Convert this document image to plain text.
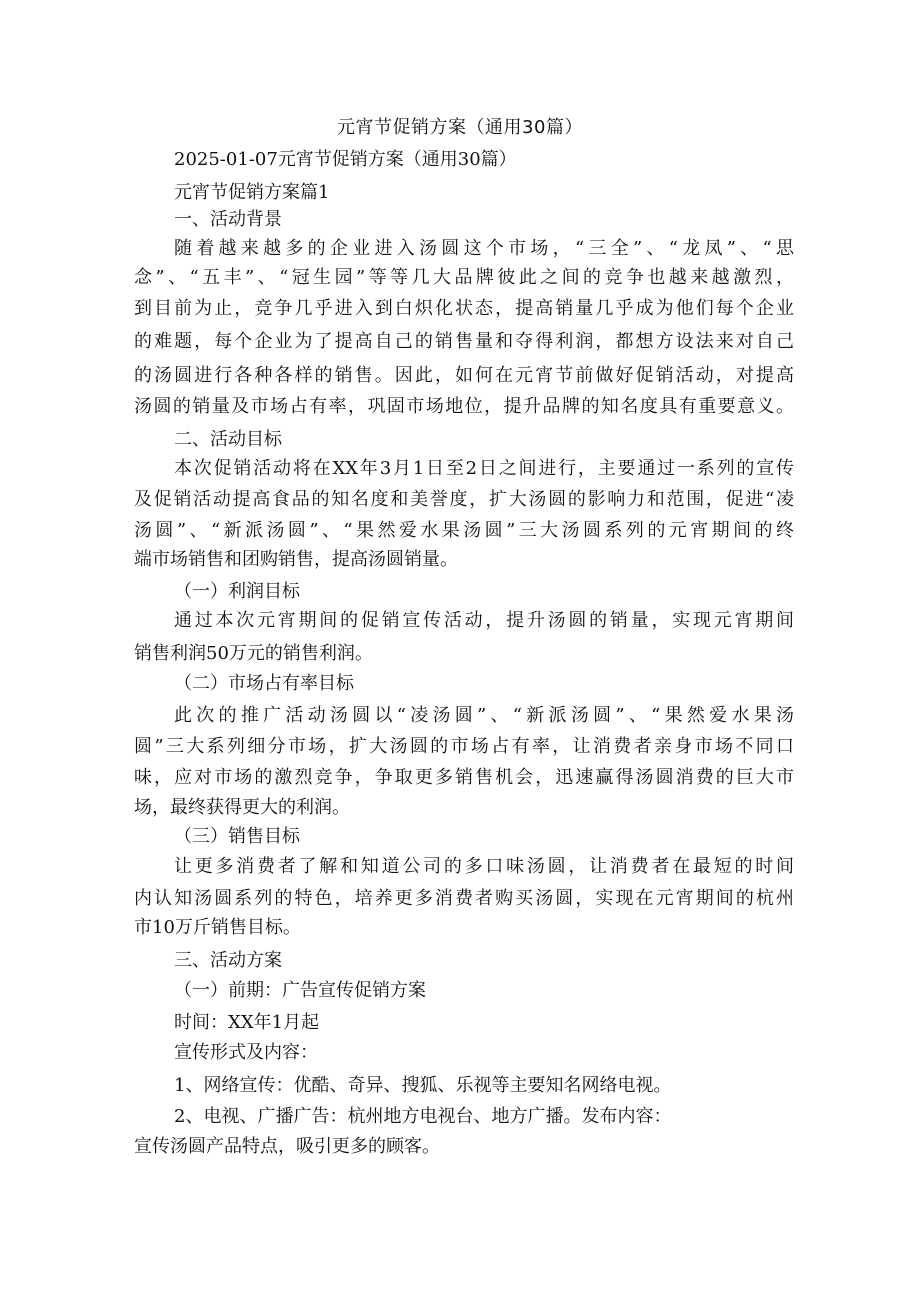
元宵节促销方案（通用30篇）
2025-01-07元宵节促销方案（通用30篇）
元宵节促销方案篇1
一、活动背景
随着越来越多的企业进入汤圆这个市场，“三全”、“龙凤”、“思
念”、“五丰”、“冠生园”等等几大品牌彼此之间的竞争也越来越激烈，
到目前为止，竞争几乎进入到白炽化状态，提高销量几乎成为他们每个企业
的难题，每个企业为了提高自己的销售量和夺得利润，都想方设法来对自己
的汤圆进行各种各样的销售。因此，如何在元宵节前做好促销活动，对提高
汤圆的销量及市场占有率，巩固市场地位，提升品牌的知名度具有重要意义。
二、活动目标
本次促销活动将在XX年3月1日至2日之间进行，主要通过一系列的宣传
及促销活动提高食品的知名度和美誉度，扩大汤圆的影响力和范围，促进“凌
汤圆”、“新派汤圆”、“果然爱水果汤圆”三大汤圆系列的元宵期间的终
端市场销售和团购销售，提高汤圆销量。
（一）利润目标
通过本次元宵期间的促销宣传活动，提升汤圆的销量，实现元宵期间
销售利润50万元的销售利润。
（二）市场占有率目标
此次的推广活动汤圆以“凌汤圆”、“新派汤圆”、“果然爱水果汤
圆”三大系列细分市场，扩大汤圆的市场占有率，让消费者亲身市场不同口
味，应对市场的激烈竞争，争取更多销售机会，迅速赢得汤圆消费的巨大市
场，最终获得更大的利润。
（三）销售目标
让更多消费者了解和知道公司的多口味汤圆，让消费者在最短的时间
内认知汤圆系列的特色，培养更多消费者购买汤圆，实现在元宵期间的杭州
市10万斤销售目标。
三、活动方案
（一）前期：广告宣传促销方案
时间：XX年1月起
宣传形式及内容：
1、网络宣传：优酷、奇异、搜狐、乐视等主要知名网络电视。
2、电视、广播广告：杭州地方电视台、地方广播。发布内容：
宣传汤圆产品特点，吸引更多的顾客。
